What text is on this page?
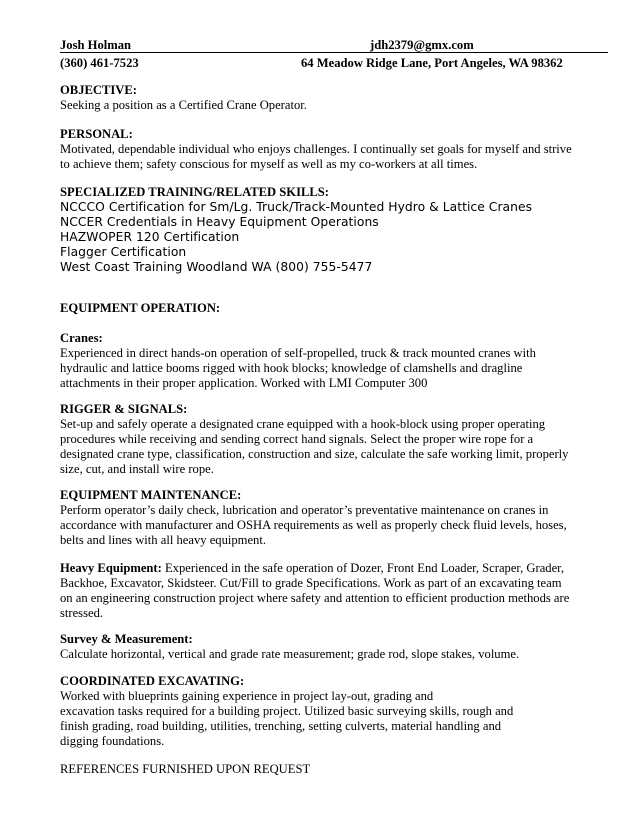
Josh Holman	jdh2379@gmx.com
(360) 461-7523	64 Meadow Ridge Lane, Port Angeles, WA 98362
OBJECTIVE:
Seeking a position as a Certified Crane Operator.
PERSONAL:
Motivated, dependable individual who enjoys challenges. I continually set goals for myself and strive
to achieve them; safety conscious for myself as well as my co-workers at all times.
SPECIALIZED TRAINING/RELATED SKILLS:
NCCCO Certification for Sm/Lg. Truck/Track-Mounted Hydro & Lattice Cranes
NCCER Credentials in Heavy Equipment Operations
HAZWOPER 120 Certification
Flagger Certification
West Coast Training Woodland WA (800) 755-5477
EQUIPMENT OPERATION:
Cranes:
Experienced in direct hands-on operation of self-propelled, truck & track mounted cranes with
hydraulic and lattice booms rigged with hook blocks; knowledge of clamshells and dragline
attachments in their proper application. Worked with LMI Computer 300
RIGGER & SIGNALS:
Set-up and safely operate a designated crane equipped with a hook-block using proper operating
procedures while receiving and sending correct hand signals. Select the proper wire rope for a
designated crane type, classification, construction and size, calculate the safe working limit, properly
size, cut, and install wire rope.
EQUIPMENT MAINTENANCE:
Perform operator’s daily check, lubrication and operator’s preventative maintenance on cranes in
accordance with manufacturer and OSHA requirements as well as properly check fluid levels, hoses,
belts and lines with all heavy equipment.
Heavy Equipment: Experienced in the safe operation of Dozer, Front End Loader, Scraper, Grader,
Backhoe, Excavator, Skidsteer. Cut/Fill to grade Specifications. Work as part of an excavating team
on an engineering construction project where safety and attention to efficient production methods are
stressed.
Survey & Measurement:
Calculate horizontal, vertical and grade rate measurement; grade rod, slope stakes, volume.
COORDINATED EXCAVATING:
Worked with blueprints gaining experience in project lay-out, grading and
excavation tasks required for a building project. Utilized basic surveying skills, rough and
finish grading, road building, utilities, trenching, setting culverts, material handling and
digging foundations.
REFERENCES FURNISHED UPON REQUEST
